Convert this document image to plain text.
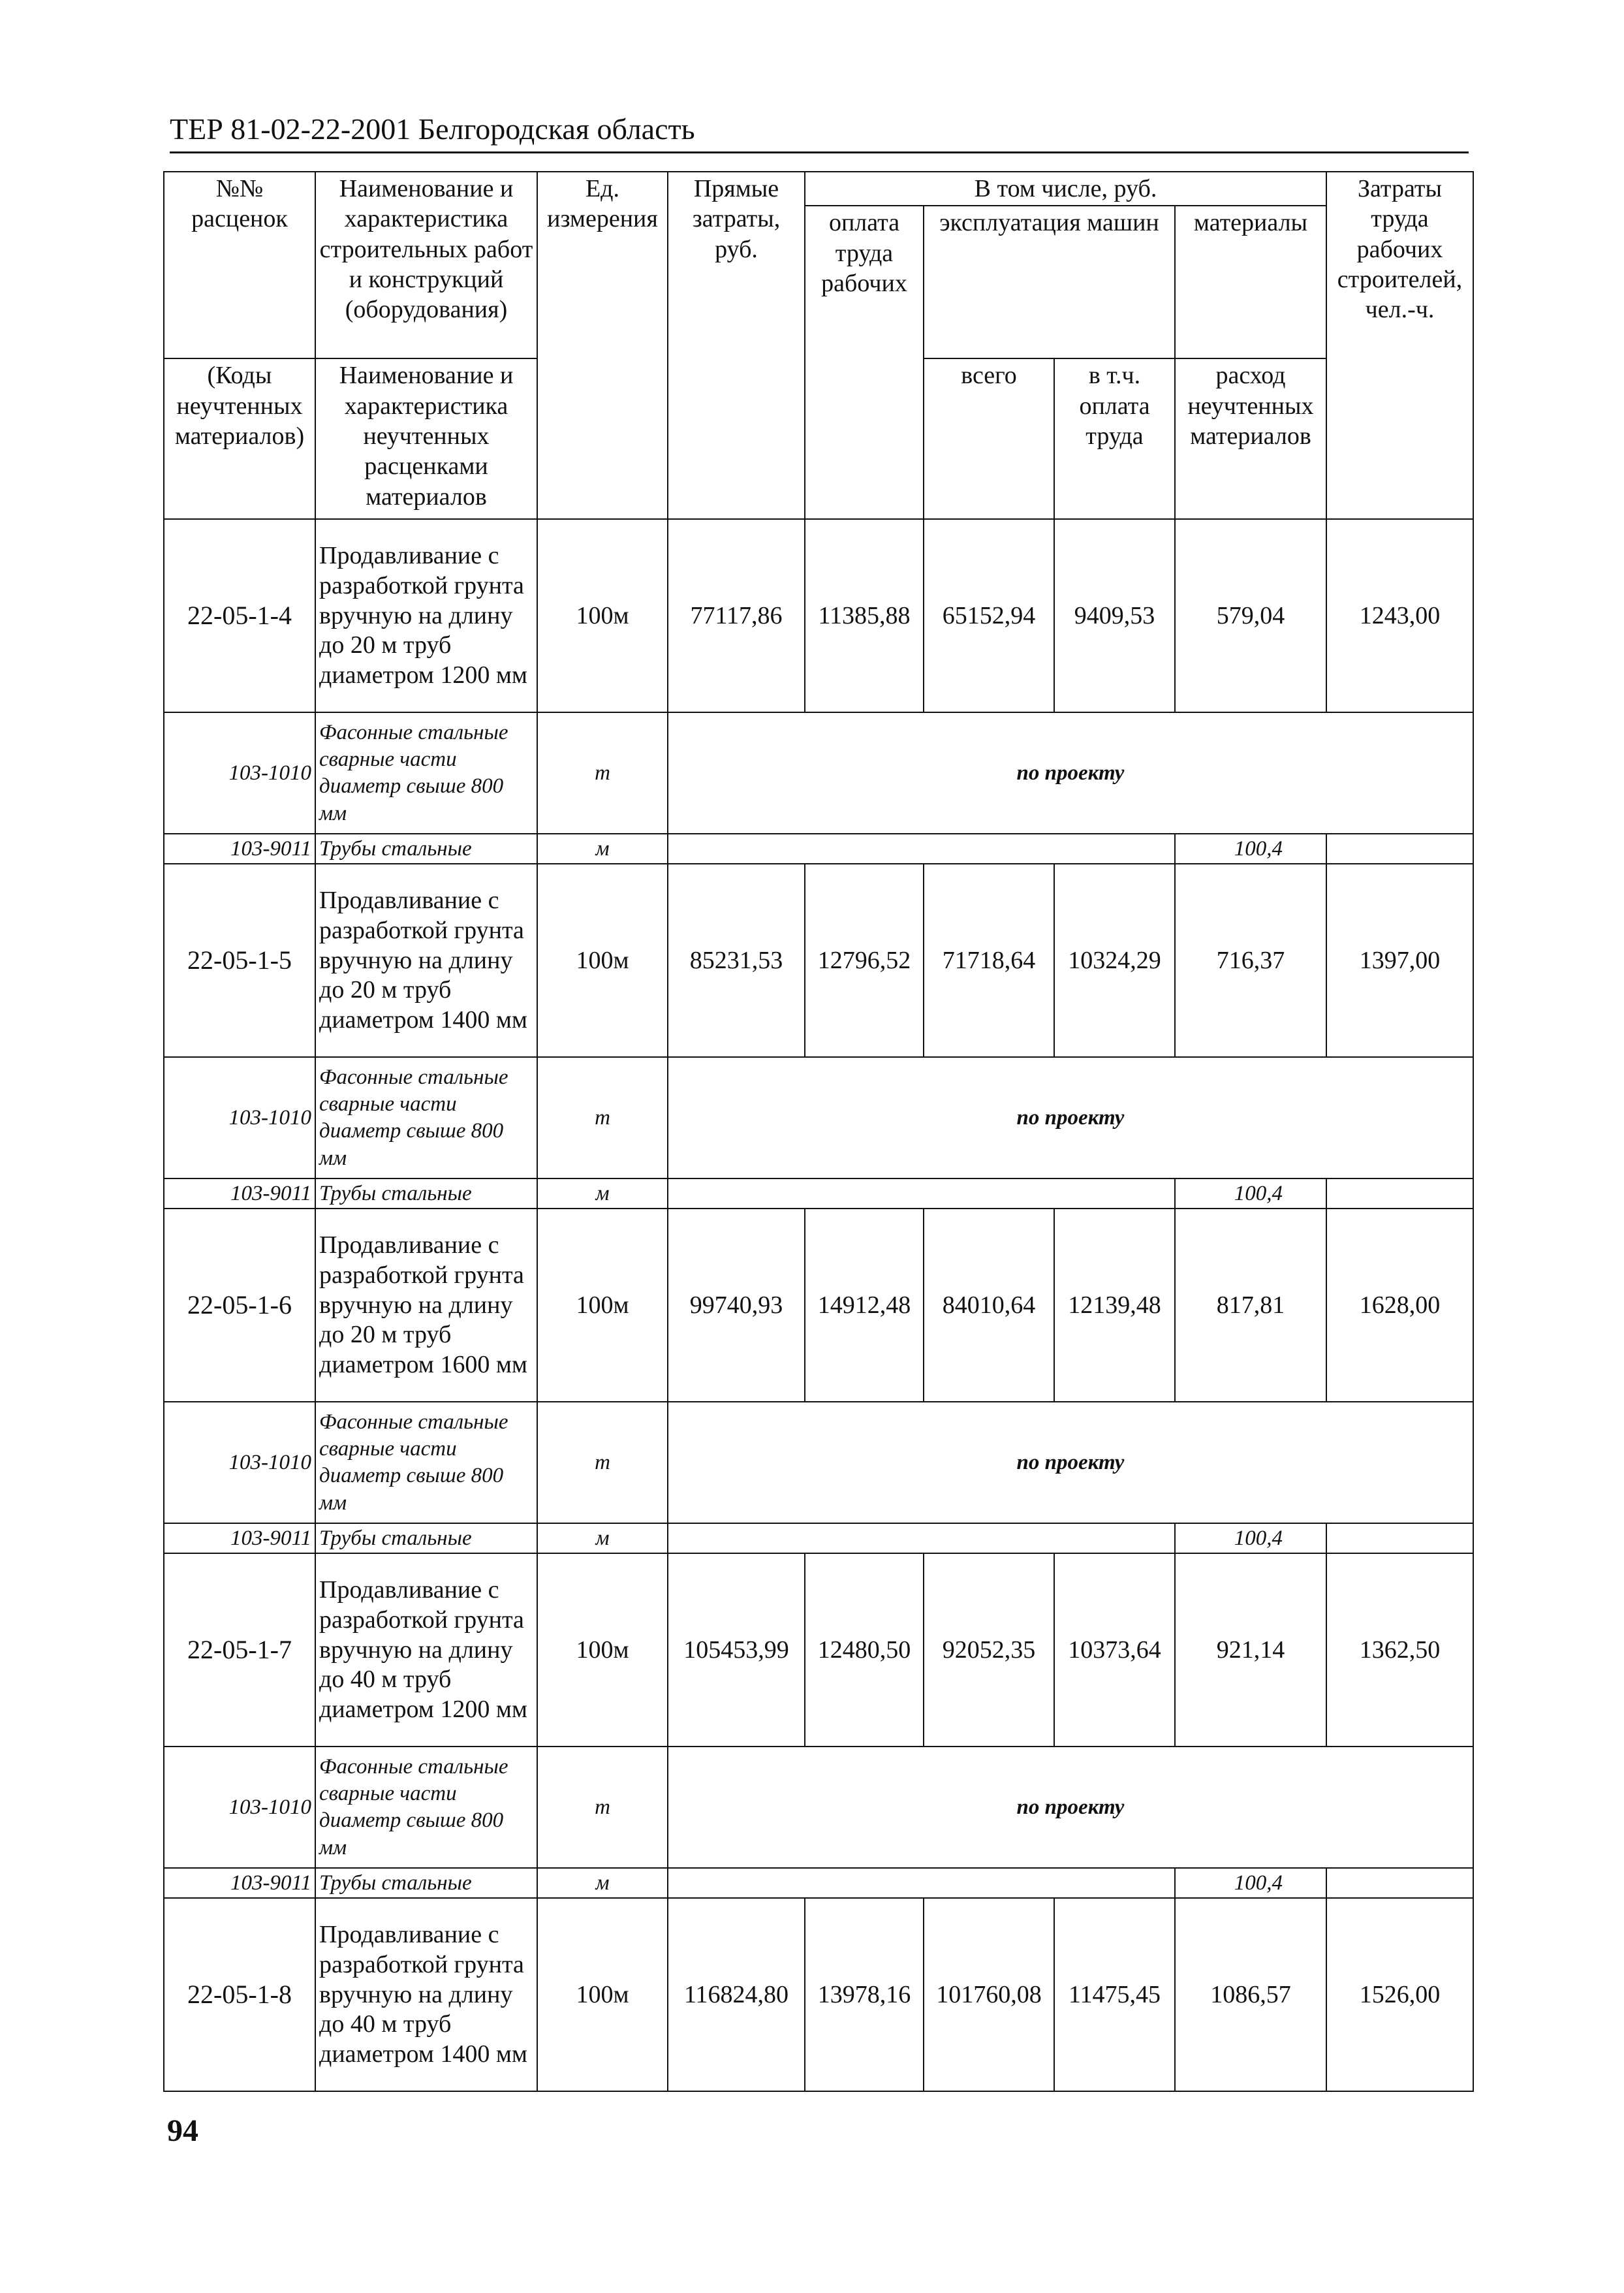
ТЕР 81-02-22-2001 Белгородская область
№№ расценок	Наименование и характеристика строительных работ и конструкций (оборудования)	Ед. измерения	Прямые затраты, руб.	В том числе, руб.				Затраты труда рабочих строителей, чел.-ч.
				оплата труда рабочих	эксплуатация машин		материалы	
(Коды неучтенных материалов)	Наименование и характеристика неучтенных расценками материалов				всего	в т.ч. оплата труда	расход неучтенных материалов	
22-05-1-4	Продавливание с разработкой грунта вручную на длину до 20 м труб диаметром 1200 мм	100м	77117,86	11385,88	65152,94	9409,53	579,04	1243,00
103-1010	Фасонные стальные сварные части диаметр свыше 800 мм	т	по проекту					
103-9011	Трубы стальные	м					100,4	
22-05-1-5	Продавливание с разработкой грунта вручную на длину до 20 м труб диаметром 1400 мм	100м	85231,53	12796,52	71718,64	10324,29	716,37	1397,00
103-1010	Фасонные стальные сварные части диаметр свыше 800 мм	т	по проекту					
103-9011	Трубы стальные	м					100,4	
22-05-1-6	Продавливание с разработкой грунта вручную на длину до 20 м труб диаметром 1600 мм	100м	99740,93	14912,48	84010,64	12139,48	817,81	1628,00
103-1010	Фасонные стальные сварные части диаметр свыше 800 мм	т	по проекту					
103-9011	Трубы стальные	м					100,4	
22-05-1-7	Продавливание с разработкой грунта вручную на длину до 40 м труб диаметром 1200 мм	100м	105453,99	12480,50	92052,35	10373,64	921,14	1362,50
103-1010	Фасонные стальные сварные части диаметр свыше 800 мм	т	по проекту					
103-9011	Трубы стальные	м					100,4	
22-05-1-8	Продавливание с разработкой грунта вручную на длину до 40 м труб диаметром 1400 мм	100м	116824,80	13978,16	101760,08	11475,45	1086,57	1526,00
94
